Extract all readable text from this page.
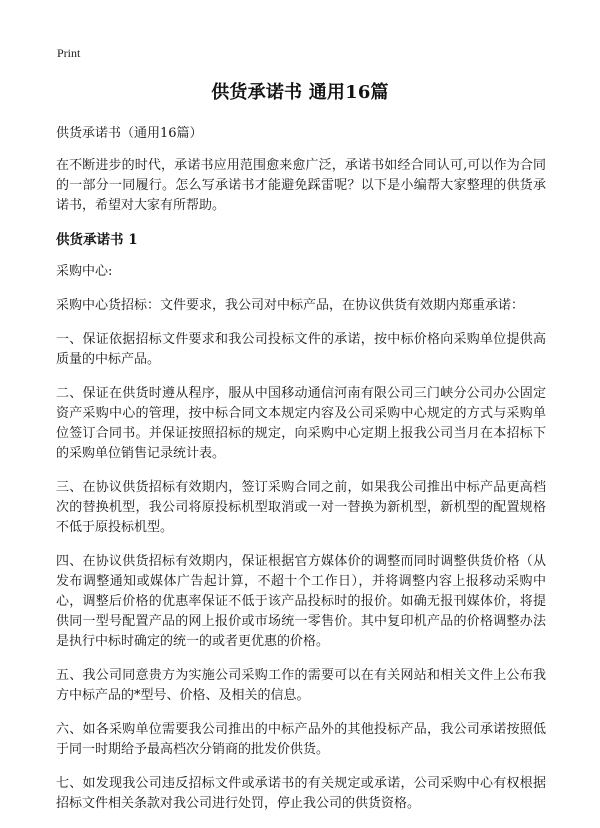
Print
供货承诺书 通用16篇

供货承诺书（通用16篇）

在不断进步的时代，承诺书应用范围愈来愈广泛，承诺书如经合同认可,可以作为合同的一部分一同履行。怎么写承诺书才能避免踩雷呢？以下是小编帮大家整理的供货承诺书，希望对大家有所帮助。

供货承诺书 1

采购中心:

采购中心货招标：文件要求，我公司对中标产品，在协议供货有效期内郑重承诺：

一、保证依据招标文件要求和我公司投标文件的承诺，按中标价格向采购单位提供高质量的中标产品。

二、保证在供货时遵从程序，服从中国移动通信河南有限公司三门峡分公司办公固定资产采购中心的管理，按中标合同文本规定内容及公司采购中心规定的方式与采购单位签订合同书。并保证按照招标的规定，向采购中心定期上报我公司当月在本招标下的采购单位销售记录统计表。

三、在协议供货招标有效期内，签订采购合同之前，如果我公司推出中标产品更高档次的替换机型，我公司将原投标机型取消或一对一替换为新机型，新机型的配置规格不低于原投标机型。

四、在协议供货招标有效期内，保证根据官方媒体价的调整而同时调整供货价格（从发布调整通知或媒体广告起计算，不超十个工作日），并将调整内容上报移动采购中心，调整后价格的优惠率保证不低于该产品投标时的报价。如确无报刊媒体价，将提供同一型号配置产品的网上报价或市场统一零售价。其中复印机产品的价格调整办法是执行中标时确定的统一的或者更优惠的价格。

五、我公司同意贵方为实施公司采购工作的需要可以在有关网站和相关文件上公布我方中标产品的*型号、价格、及相关的信息。

六、如各采购单位需要我公司推出的中标产品外的其他投标产品，我公司承诺按照低于同一时期给予最高档次分销商的批发价供货。

七、如发现我公司违反招标文件或承诺书的有关规定或承诺，公司采购中心有权根据招标文件相关条款对我公司进行处罚，停止我公司的供货资格。
